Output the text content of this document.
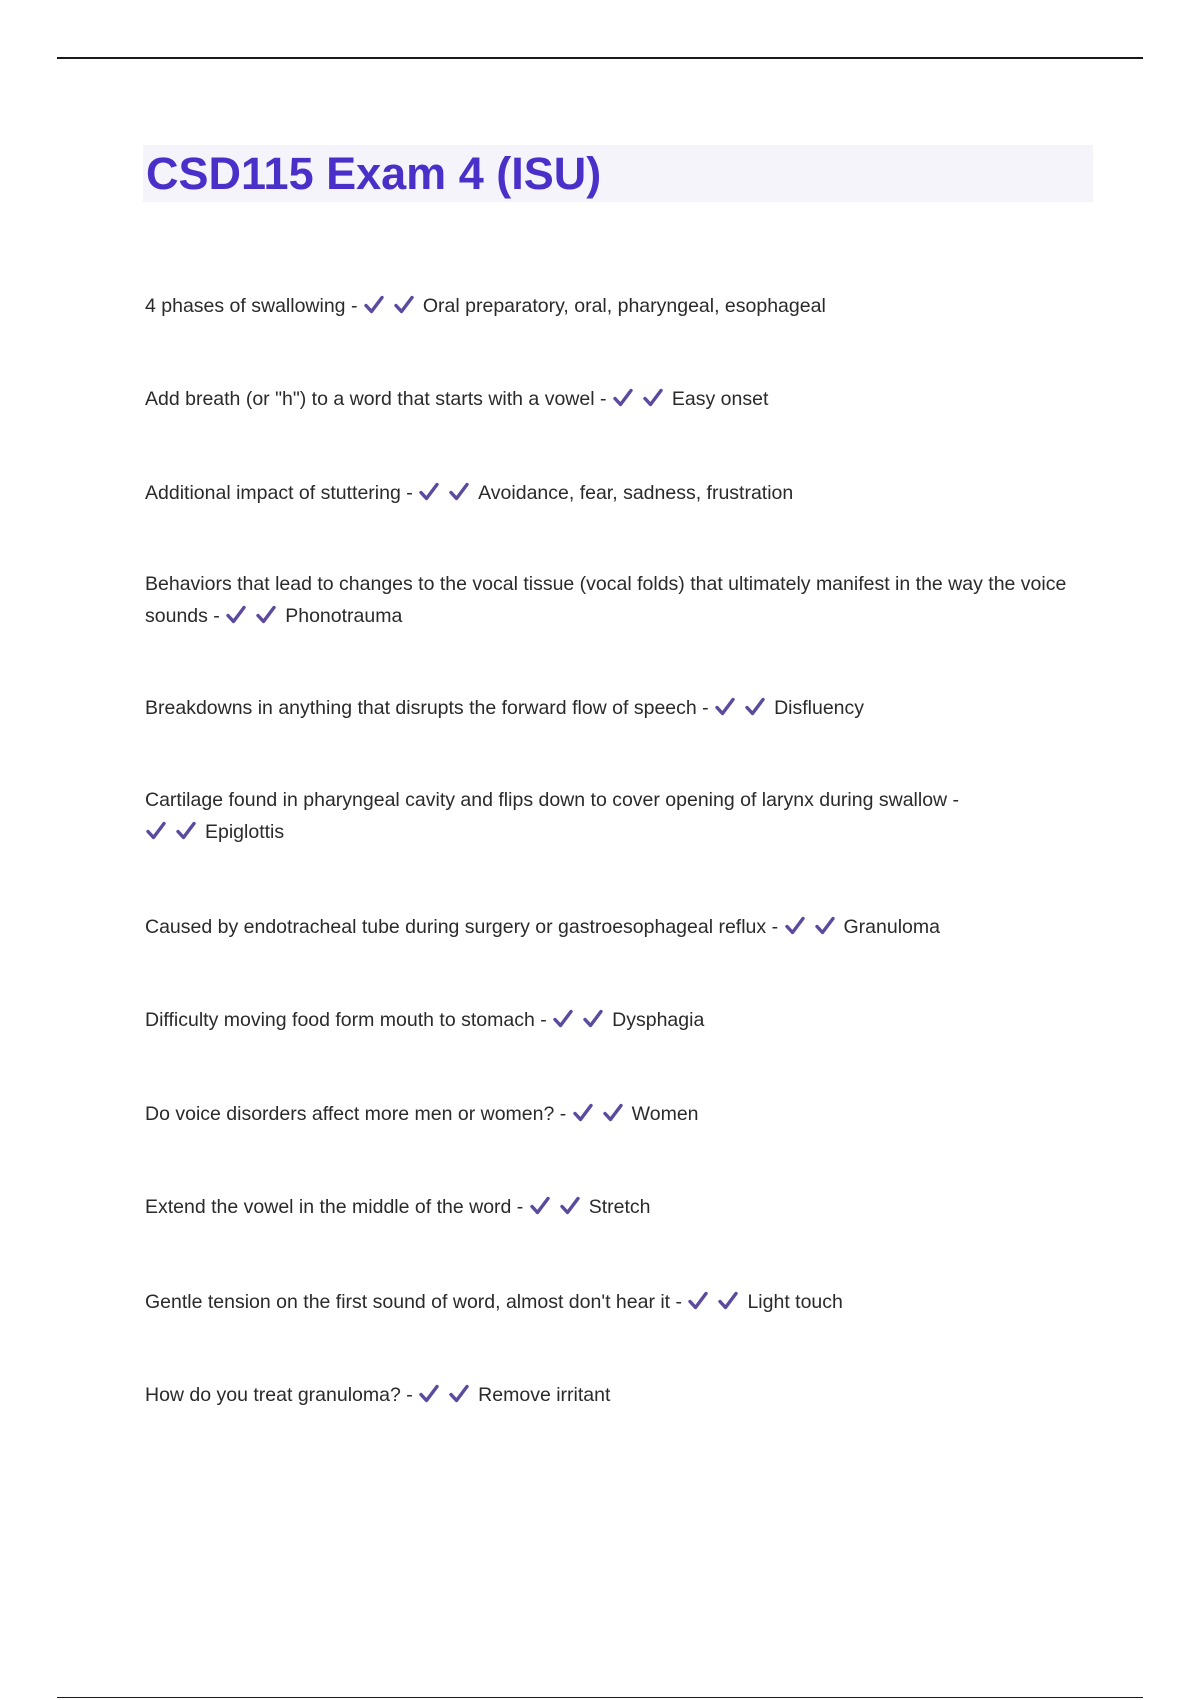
CSD115 Exam 4 (ISU)

4 phases of swallowing -	Oral preparatory, oral, pharyngeal, esophageal

Add breath (or "h") to a word that starts with a vowel -	Easy onset

Additional impact of stuttering -	Avoidance, fear, sadness, frustration

Behaviors that lead to changes to the vocal tissue (vocal folds) that ultimately manifest in the way the voice sounds -	Phonotrauma

Breakdowns in anything that disrupts the forward flow of speech -	Disfluency

Cartilage found in pharyngeal cavity and flips down to cover opening of larynx during swallow -
Epiglottis

Caused by endotracheal tube during surgery or gastroesophageal reflux -	Granuloma

Difficulty moving food form mouth to stomach -	Dysphagia

Do voice disorders affect more men or women? -	Women

Extend the vowel in the middle of the word -	Stretch

Gentle tension on the first sound of word, almost don't hear it -	Light touch

How do you treat granuloma? -	Remove irritant
